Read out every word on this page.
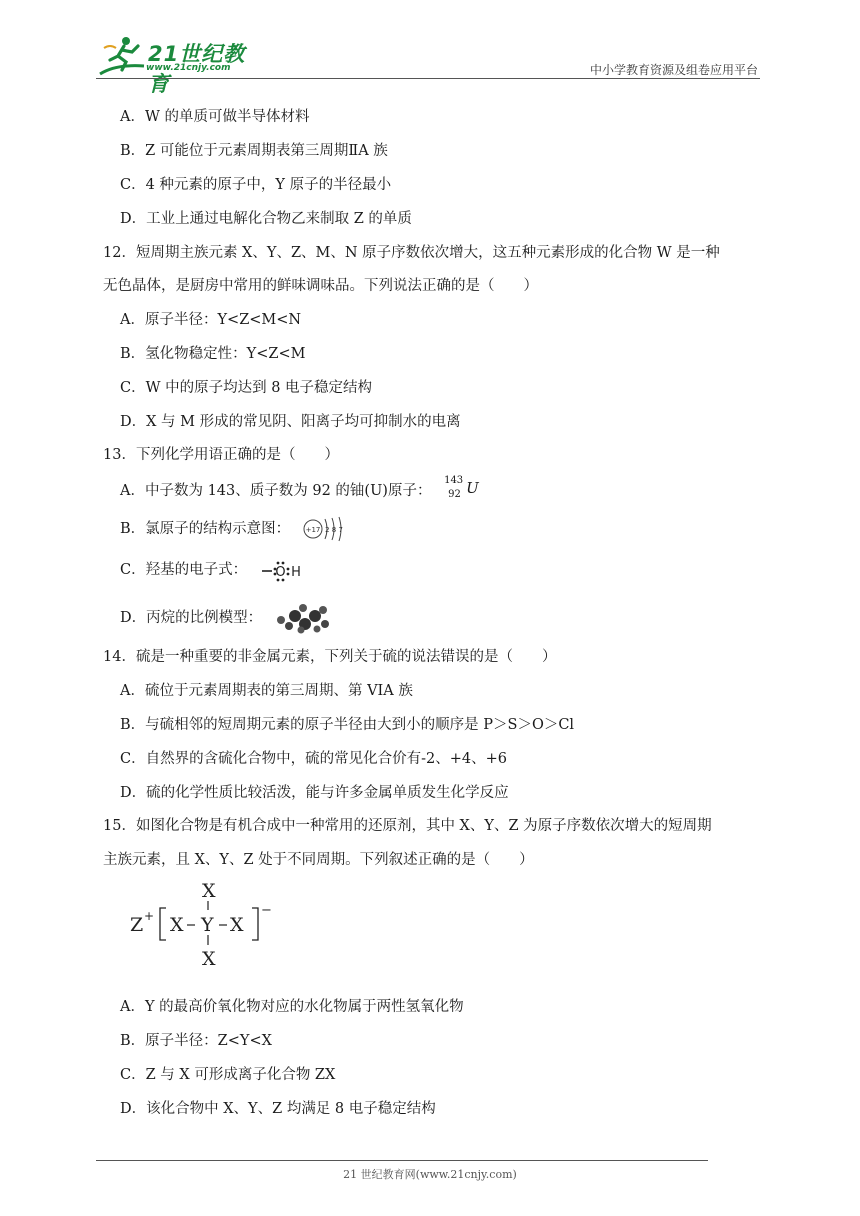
21世纪教育
www.21cnjy.com	中小学教育资源及组卷应用平台
A．W 的单质可做半导体材料
B．Z 可能位于元素周期表第三周期ⅡA 族
C．4 种元素的原子中，Y 原子的半径最小
D．工业上通过电解化合物乙来制取 Z 的单质
12．短周期主族元素 X、Y、Z、M、N 原子序数依次增大，这五种元素形成的化合物 W 是一种
无色晶体，是厨房中常用的鲜味调味品。下列说法正确的是（　　）
A．原子半径：Y<Z<M<N
B．氢化物稳定性：Y<Z<M
C．W 中的原子均达到 8 电子稳定结构
D．X 与 M 形成的常见阴、阳离子均可抑制水的电离
13．下列化学用语正确的是（　　）
A．中子数为 143、质子数为 92 的铀(U)原子：
143
92 U
B．氯原子的结构示意图： +17 2 8 7
C．羟基的电子式： O H
D．丙烷的比例模型：
14．硫是一种重要的非金属元素，下列关于硫的说法错误的是（　　）
A．硫位于元素周期表的第三周期、第 VIA 族
B．与硫相邻的短周期元素的原子半径由大到小的顺序是 P＞S＞O＞Cl
C．自然界的含硫化合物中，硫的常见化合价有-2、+4、+6
D．硫的化学性质比较活泼，能与许多金属单质发生化学反应
15．如图化合物是有机合成中一种常用的还原剂，其中 X、Y、Z 为原子序数依次增大的短周期
主族元素，且 X、Y、Z 处于不同周期。下列叙述正确的是（　　）
Z + X
X
Y
X
X
−
A．Y 的最高价氧化物对应的水化物属于两性氢氧化物
B．原子半径：Z<Y<X
C．Z 与 X 可形成离子化合物 ZX
D．该化合物中 X、Y、Z 均满足 8 电子稳定结构
21 世纪教育网(www.21cnjy.com)
